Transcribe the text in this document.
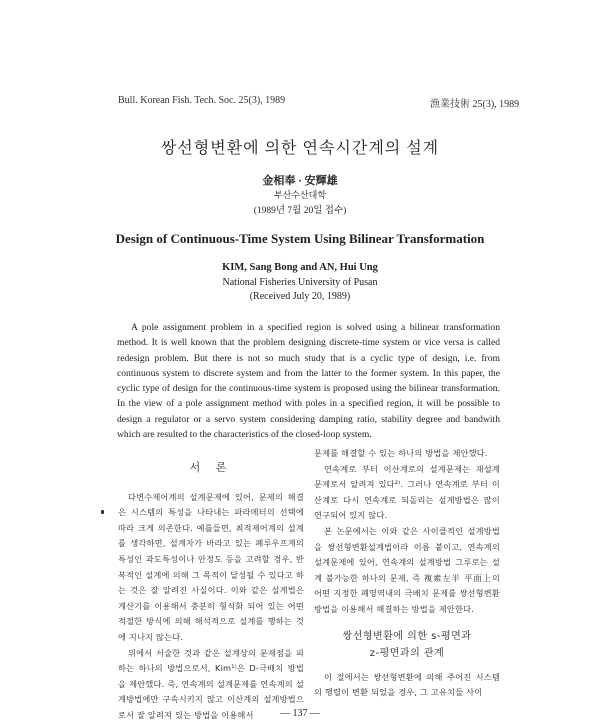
Bull. Korean Fish. Tech. Soc. 25(3), 1989	漁業技術 25(3), 1989
쌍선형변환에 의한 연속시간계의 설계
金相奉 · 安輝雄
부산수산대학
(1989년 7월 20일 접수)
Design of Continuous-Time System Using Bilinear Transformation
KIM, Sang Bong and AN, Hui Ung
National Fisheries University of Pusan
(Received July 20, 1989)

A pole assignment problem in a specified region is solved using a bilinear transformation method. It is well known that the problem designing discrete-time system or vice versa is called redesign problem. But there is not so much study that is a cyclic type of design, i.e. from continuous system to discrete system and from the latter to the former system. In this paper, the cyclic type of design for the continuous-time system is proposed using the bilinear transformation. In the view of a pole assignment method with poles in a specified region, it will be possible to design a regulator or a servo system considering damping ratio, stability degree and bandwith which are resulted to the characteristics of the closed-loop system.

서 론

다변수제어계의 설계문제에 있어, 문제의 해결은 시스템의 특성을 나타내는 파라메터의 선택에 따라 크게 의존한다. 예를들면, 최적제어계의 설계를 생각하면, 설계자가 바라고 있는 폐루우프계의 특성인 과도특성이나 안정도 등을 고려할 경우, 반복적인 설계에 의해 그 목적이 달성될 수 있다고 하는 것은 잘 알려진 사실이다. 이와 같은 설계법은 계산기를 이용해서 충분히 형식화 되어 있는 어떤 적절한 방식에 의해 해석적으로 설계를 행하는 것에 지나지 않는다.

위에서 서술한 것과 같은 설계상의 문제점을 피하는 하나의 방법으로서, Kim¹⁾은 D-극배치 방법을 제안했다. 즉, 연속계의 설계문제를 연속계의 설계방법에만 구속시키지 않고 이산계의 설계방법으로서 잘 알려져 있는 방법을 이용해서

문제를 해결할 수 있는 하나의 방법을 제안했다.

연속계로 부터 이산계로의 설계문제는 재설계 문제로서 알려져 있다²⁾. 그러나 연속계로 부터 이산계로 다시 연속계로 되돌리는 설계방법은 많이 연구되어 있지 않다.

본 논문에서는 이와 같은 사이클적인 설계방법을 쌍선형변환설계법이라 이름 붙이고, 연속계의 설계문제에 있어, 연속계의 설계방법 그루로는 설계 불가능한 하나의 문제, 즉 複素左半 平面上의 어떤 지정한 폐영역내의 극배치 문제를 쌍선형변환방법을 이용해서 해결하는 방법을 제안한다.

쌍선형변환에 의한 s-평면과
z-평면과의 관계

이 절에서는 쌍선형변환에 의해 주어진 시스템의 행렬이 변환 되었을 경우, 그 고유치들 사이

— 137 —
